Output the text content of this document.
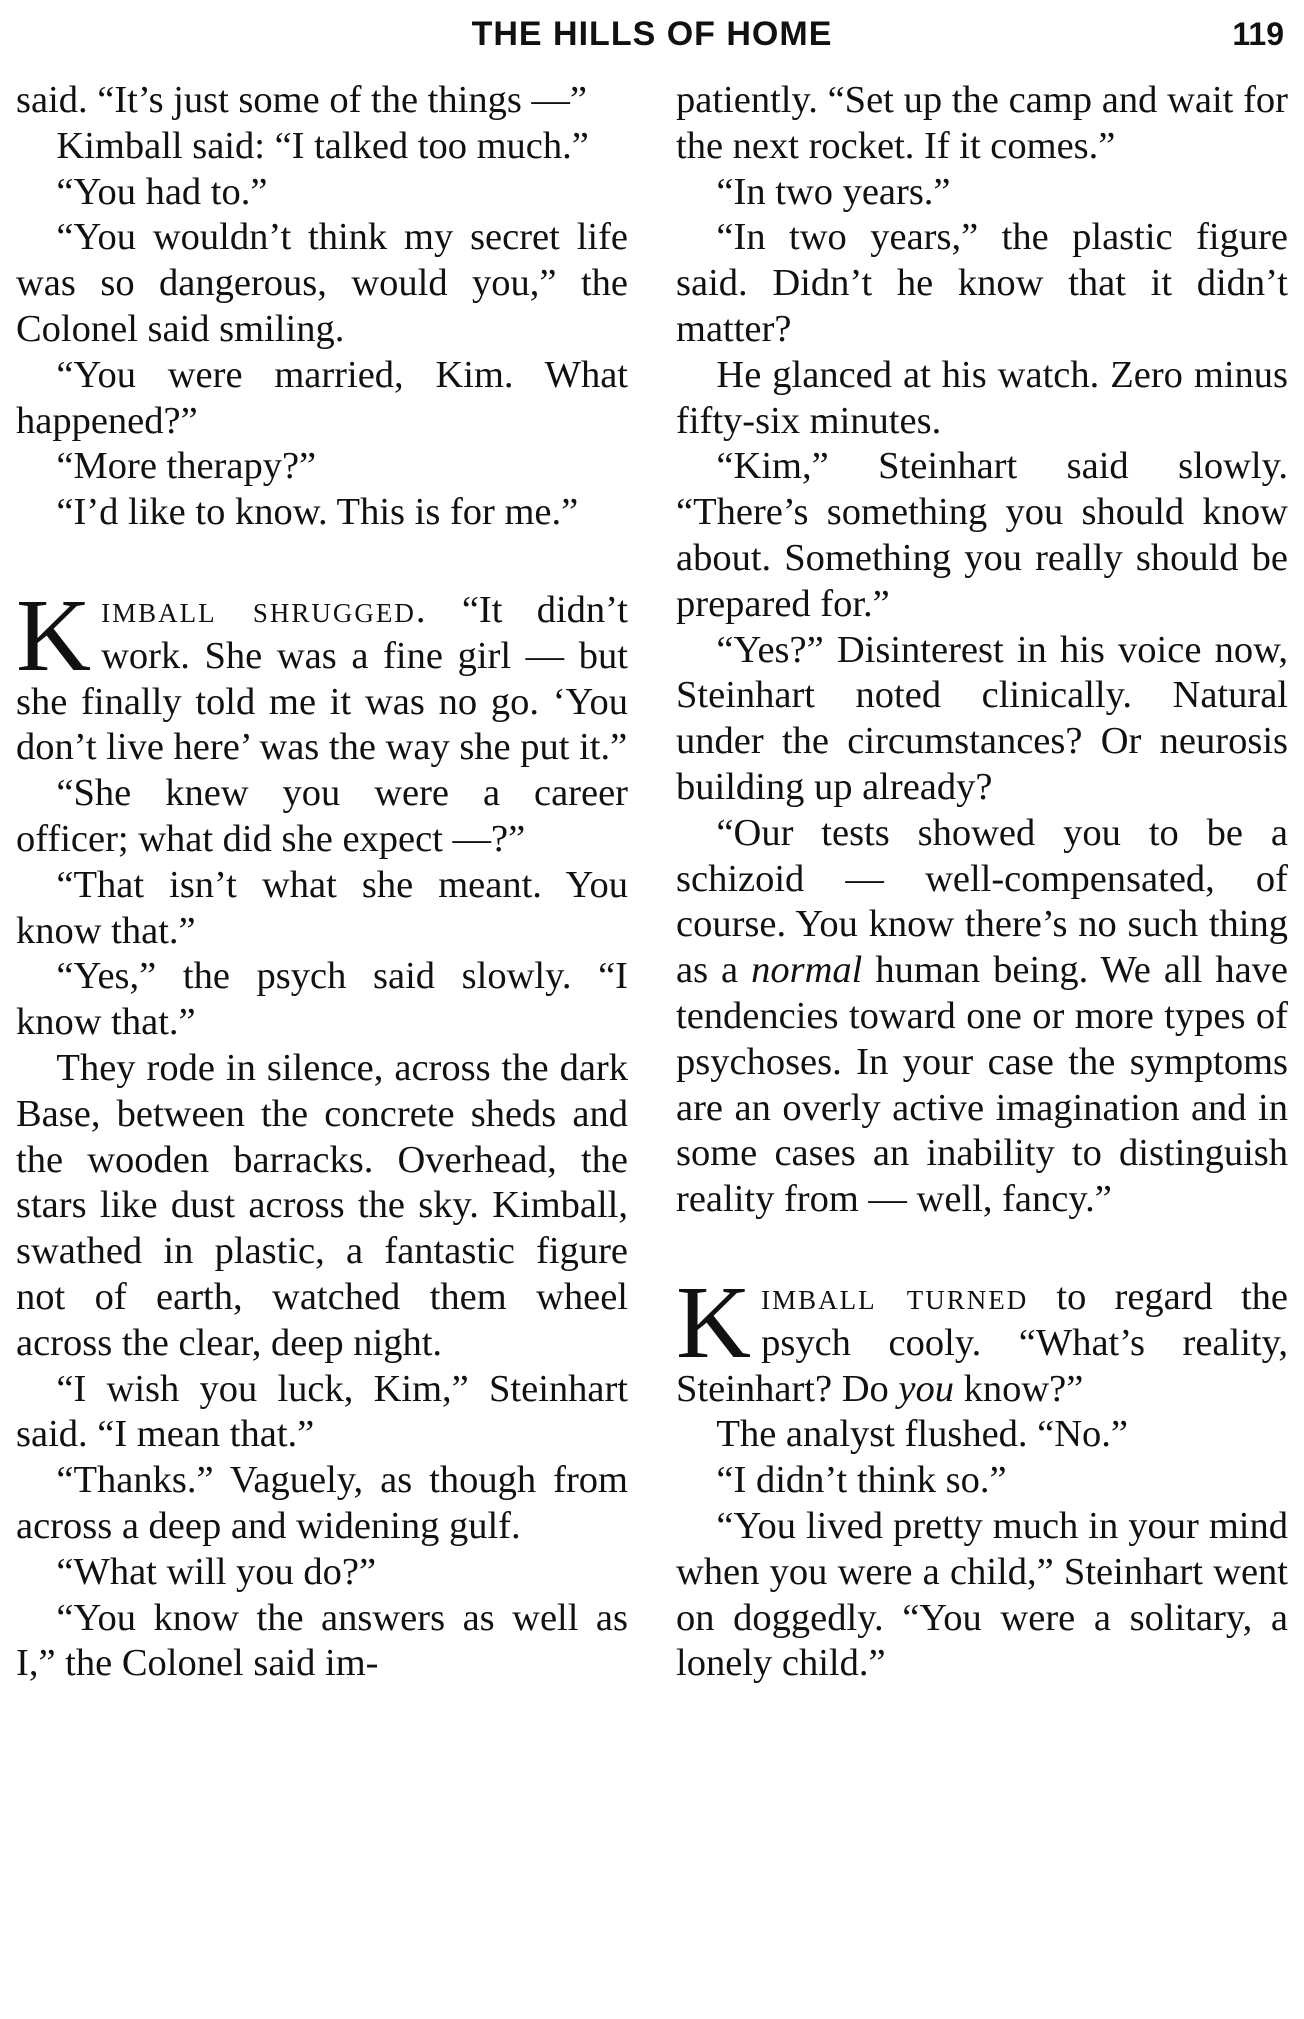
THE HILLS OF HOME	119

said. “It’s just some of the things —”

Kimball said: “I talked too much.”

“You had to.”

“You wouldn’t think my secret life was so dangerous, would you,” the Colonel said smiling.

“You were married, Kim. What happened?”

“More therapy?”

“I’d like to know. This is for me.”

Kimball shrugged. “It didn’t work. She was a fine girl — but she finally told me it was no go. ‘You don’t live here’ was the way she put it.”

“She knew you were a career officer; what did she expect —?”

“That isn’t what she meant. You know that.”

“Yes,” the psych said slowly. “I know that.”

They rode in silence, across the dark Base, between the concrete sheds and the wooden barracks. Overhead, the stars like dust across the sky. Kimball, swathed in plastic, a fantastic figure not of earth, watched them wheel across the clear, deep night.

“I wish you luck, Kim,” Steinhart said. “I mean that.”

“Thanks.” Vaguely, as though from across a deep and widening gulf.

“What will you do?”

“You know the answers as well as I,” the Colonel said im-

patiently. “Set up the camp and wait for the next rocket. If it comes.”

“In two years.”

“In two years,” the plastic figure said. Didn’t he know that it didn’t matter?

He glanced at his watch. Zero minus fifty-six minutes.

“Kim,” Steinhart said slowly. “There’s something you should know about. Something you really should be prepared for.”

“Yes?” Disinterest in his voice now, Steinhart noted clinically. Natural under the circumstances? Or neurosis building up already?

“Our tests showed you to be a schizoid — well-compensated, of course. You know there’s no such thing as a normal human being. We all have tendencies toward one or more types of psychoses. In your case the symptoms are an overly active imagination and in some cases an inability to distinguish reality from — well, fancy.”

Kimball turned to regard the psych cooly. “What’s reality, Steinhart? Do you know?”

The analyst flushed. “No.”

“I didn’t think so.”

“You lived pretty much in your mind when you were a child,” Steinhart went on doggedly. “You were a solitary, a lonely child.”
